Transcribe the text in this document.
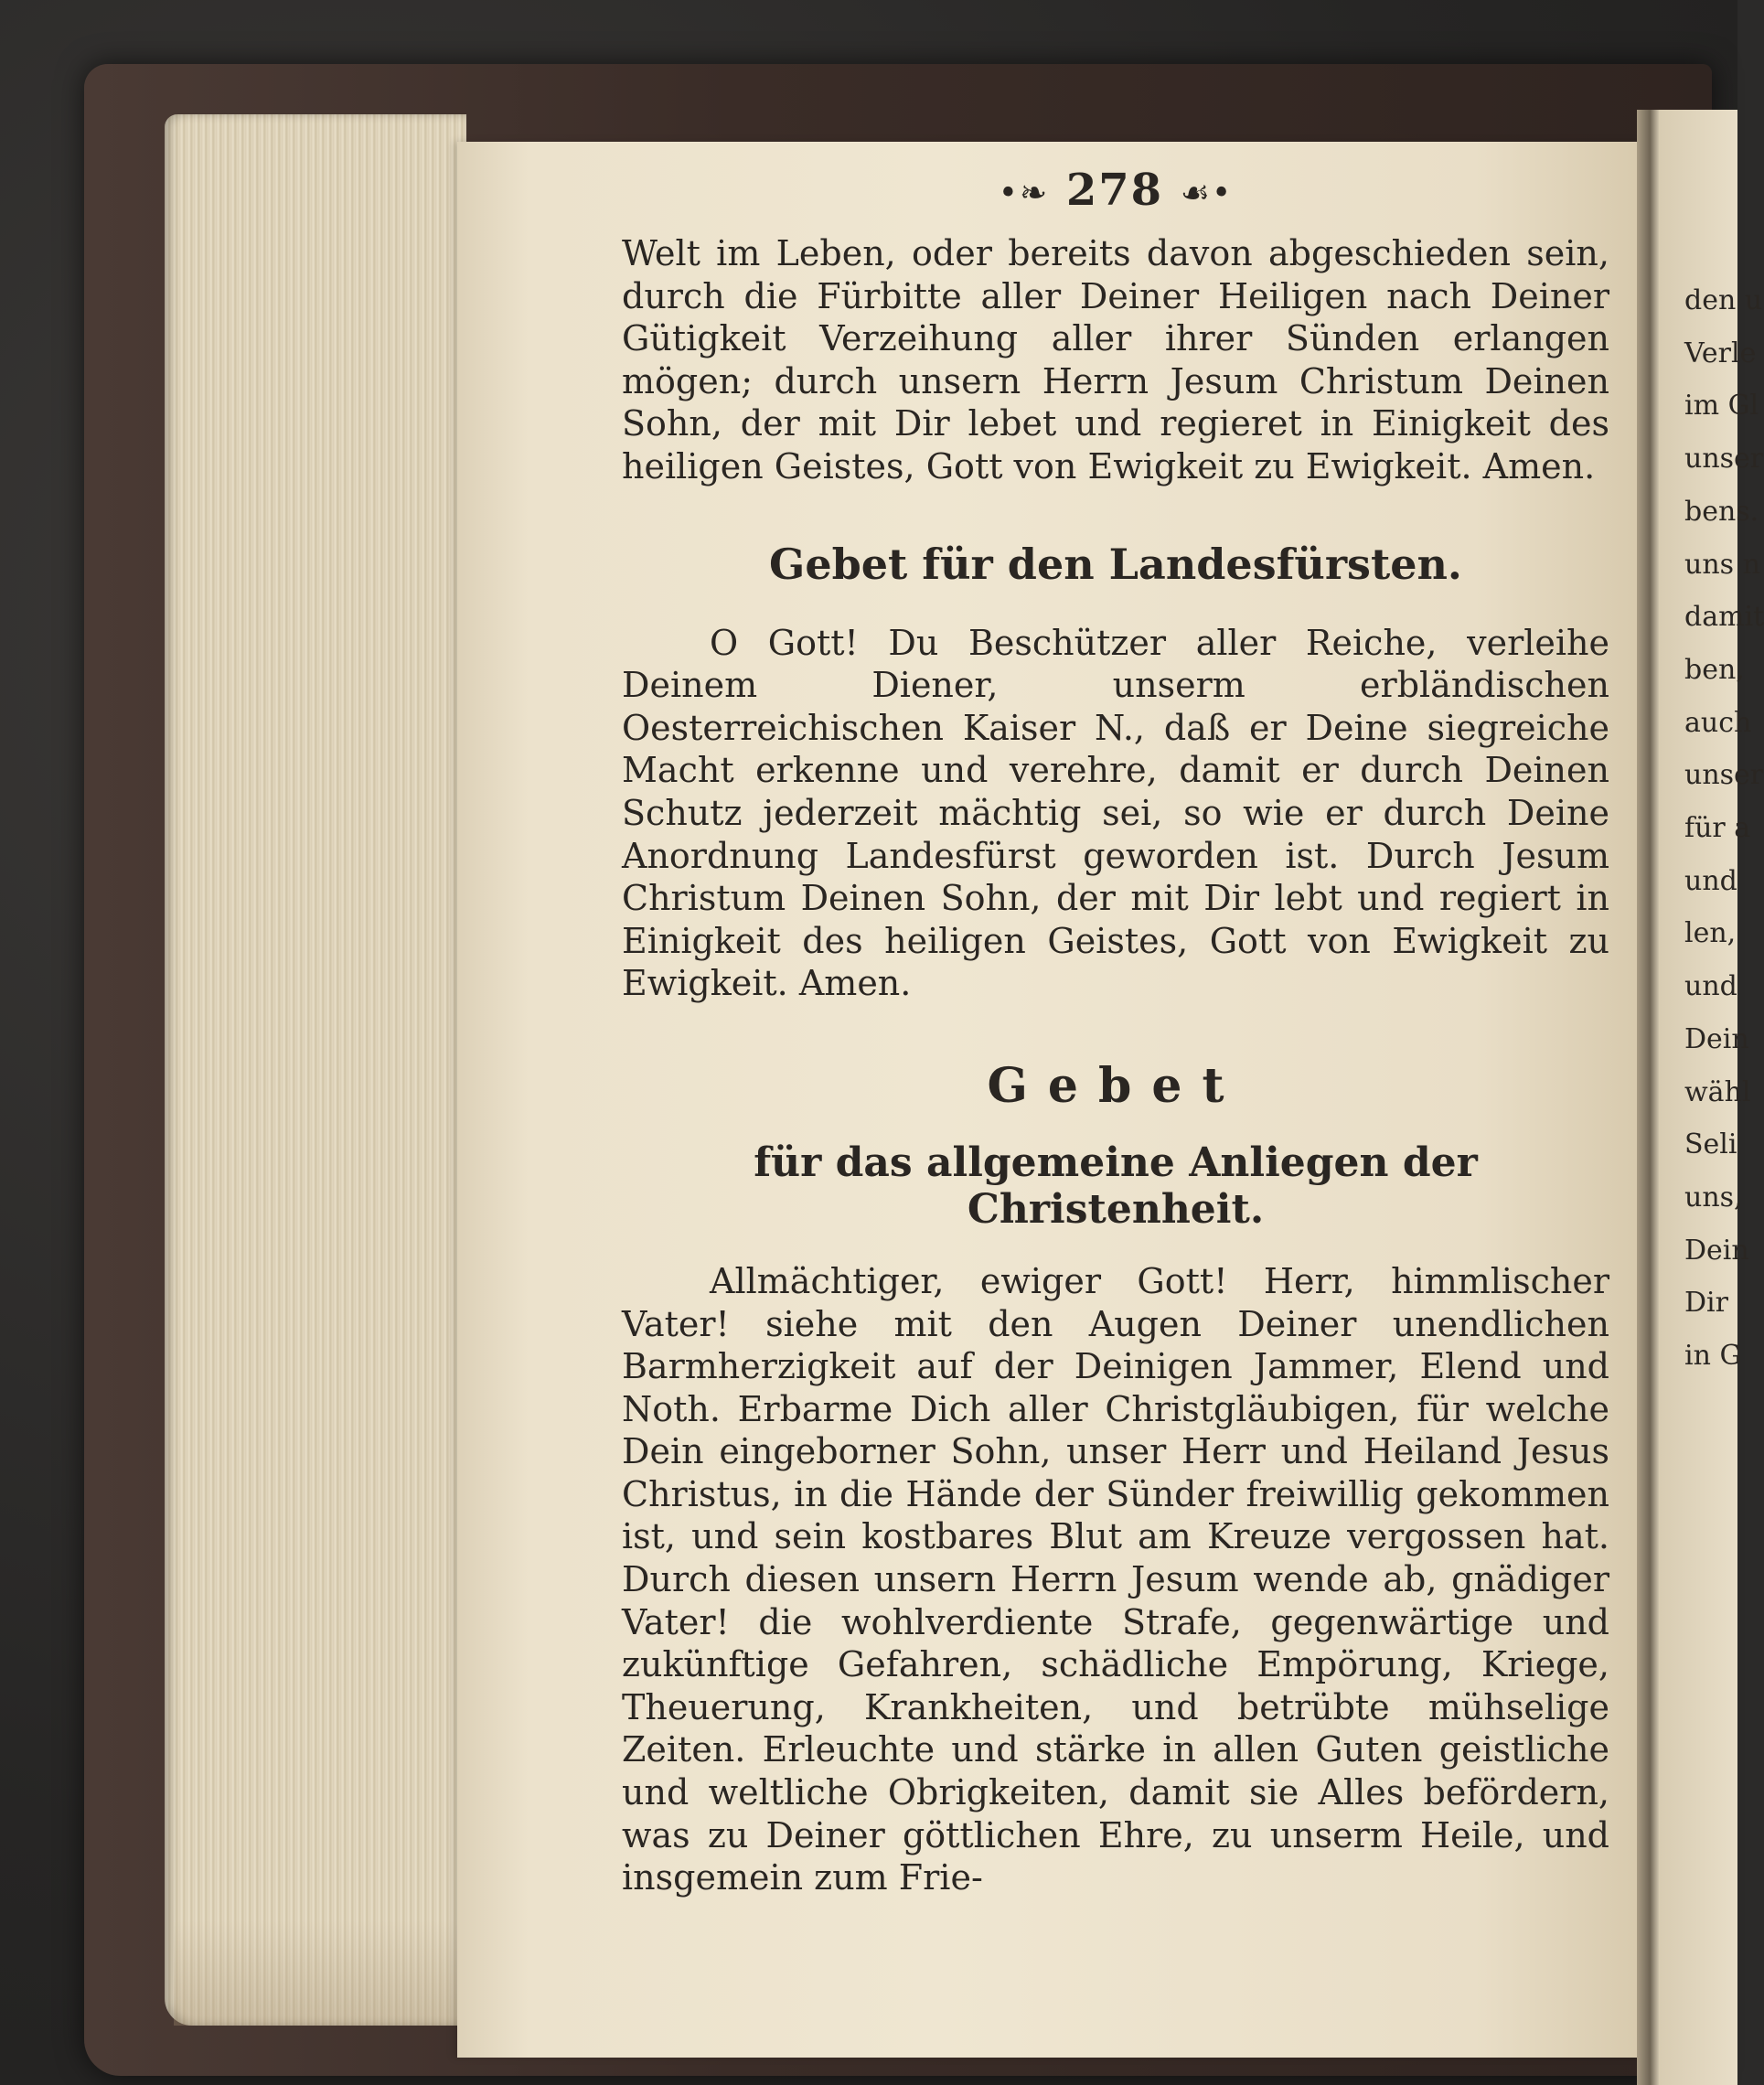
•❧ 278 ☙•

Welt im Leben, oder bereits davon abgeschieden sein, durch die Fürbitte aller Deiner Heiligen nach Deiner Gütigkeit Verzeihung aller ihrer Sünden erlangen mögen; durch unsern Herrn Jesum Christum Deinen Sohn, der mit Dir lebet und regieret in Einigkeit des heiligen Geistes, Gott von Ewigkeit zu Ewigkeit. Amen.

Gebet für den Landesfürsten.

O Gott! Du Beschützer aller Reiche, verleihe Deinem Diener, unserm erbländischen Oesterreichischen Kaiser N., daß er Deine siegreiche Macht erkenne und verehre, damit er durch Deinen Schutz jederzeit mächtig sei, so wie er durch Deine Anordnung Landesfürst geworden ist. Durch Jesum Christum Deinen Sohn, der mit Dir lebt und regiert in Einigkeit des heiligen Geistes, Gott von Ewigkeit zu Ewigkeit. Amen.

Gebet
für das allgemeine Anliegen der Christenheit.

Allmächtiger, ewiger Gott! Herr, himmlischer Vater! siehe mit den Augen Deiner unendlichen Barmherzigkeit auf der Deinigen Jammer, Elend und Noth. Erbarme Dich aller Christgläubigen, für welche Dein eingeborner Sohn, unser Herr und Heiland Jesus Christus, in die Hände der Sünder freiwillig gekommen ist, und sein kostbares Blut am Kreuze vergossen hat. Durch diesen unsern Herrn Jesum wende ab, gnädiger Vater! die wohlverdiente Strafe, gegenwärtige und zukünftige Gefahren, schädliche Empörung, Kriege, Theuerung, Krankheiten, und betrübte mühselige Zeiten. Erleuchte und stärke in allen Guten geistliche und weltliche Obrigkeiten, damit sie Alles befördern, was zu Deiner göttlichen Ehre, zu unserm Heile, und insgemein zum Frie-

den u
Verle
im Gl
unser
bens.
uns n
damit
ben,
auch
unser
für a
und
len,
und
Dein
wähl
Seli
uns,
Dein
Dir
in G
